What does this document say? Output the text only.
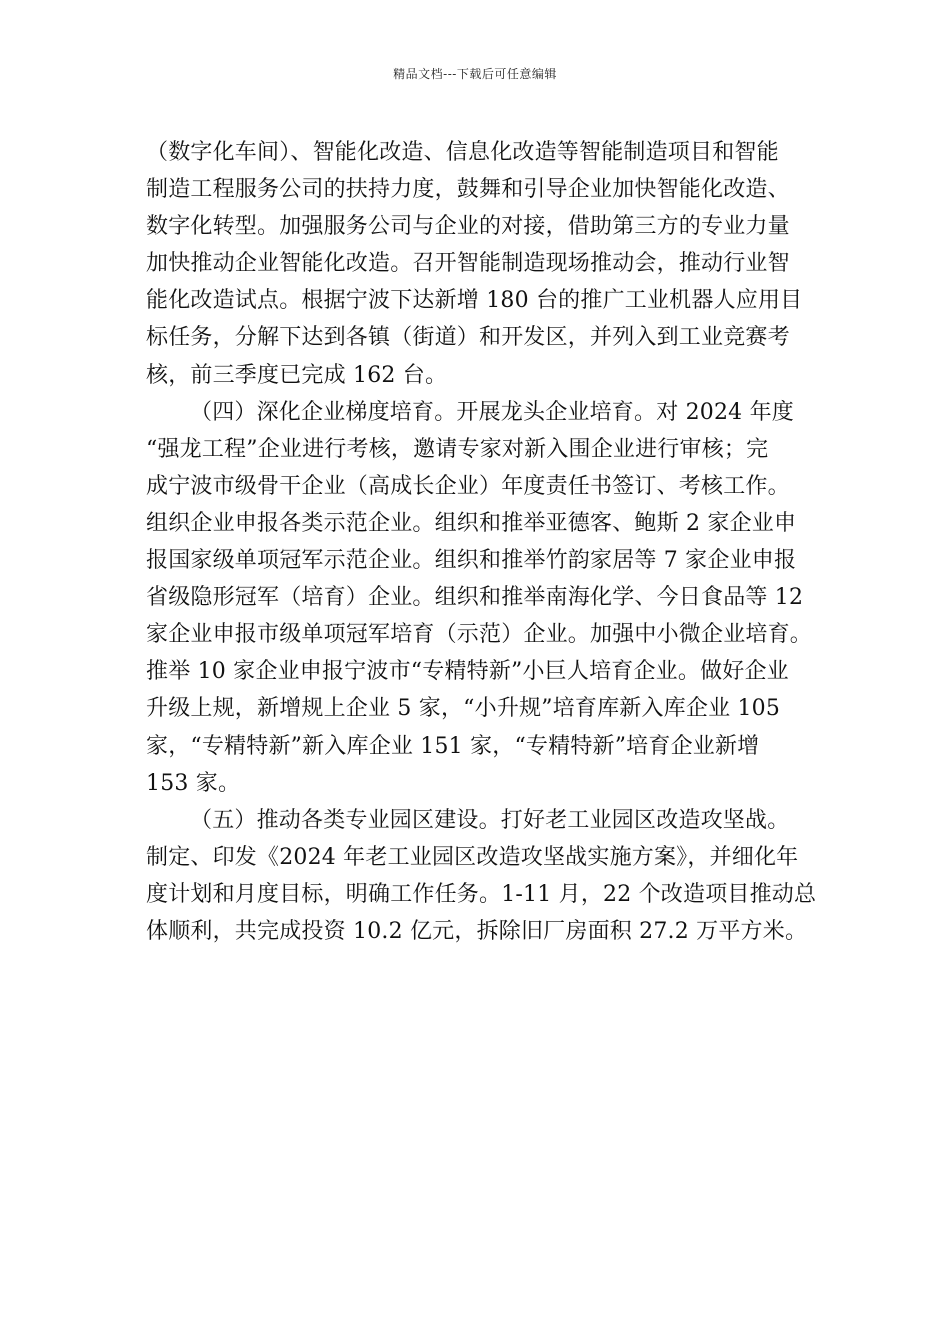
精品文档---下载后可任意编辑
（数字化车间）、智能化改造、信息化改造等智能制造项目和智能
制造工程服务公司的扶持力度，鼓舞和引导企业加快智能化改造、
数字化转型。加强服务公司与企业的对接，借助第三方的专业力量
加快推动企业智能化改造。召开智能制造现场推动会，推动行业智
能化改造试点。根据宁波下达新增 180 台的推广工业机器人应用目
标任务，分解下达到各镇（街道）和开发区，并列入到工业竞赛考
核，前三季度已完成 162 台。
（四）深化企业梯度培育。开展龙头企业培育。对 2024 年度
“强龙工程”企业进行考核，邀请专家对新入围企业进行审核；完
成宁波市级骨干企业（高成长企业）年度责任书签订、考核工作。
组织企业申报各类示范企业。组织和推举亚德客、鲍斯 2 家企业申
报国家级单项冠军示范企业。组织和推举竹韵家居等 7 家企业申报
省级隐形冠军（培育）企业。组织和推举南海化学、今日食品等 12
家企业申报市级单项冠军培育（示范）企业。加强中小微企业培育。
推举 10 家企业申报宁波市“专精特新”小巨人培育企业。做好企业
升级上规，新增规上企业 5 家，“小升规”培育库新入库企业 105
家，“专精特新”新入库企业 151 家，“专精特新”培育企业新增
153 家。
（五）推动各类专业园区建设。打好老工业园区改造攻坚战。
制定、印发《2024 年老工业园区改造攻坚战实施方案》，并细化年
度计划和月度目标，明确工作任务。1-11 月，22 个改造项目推动总
体顺利，共完成投资 10.2 亿元，拆除旧厂房面积 27.2 万平方米。
